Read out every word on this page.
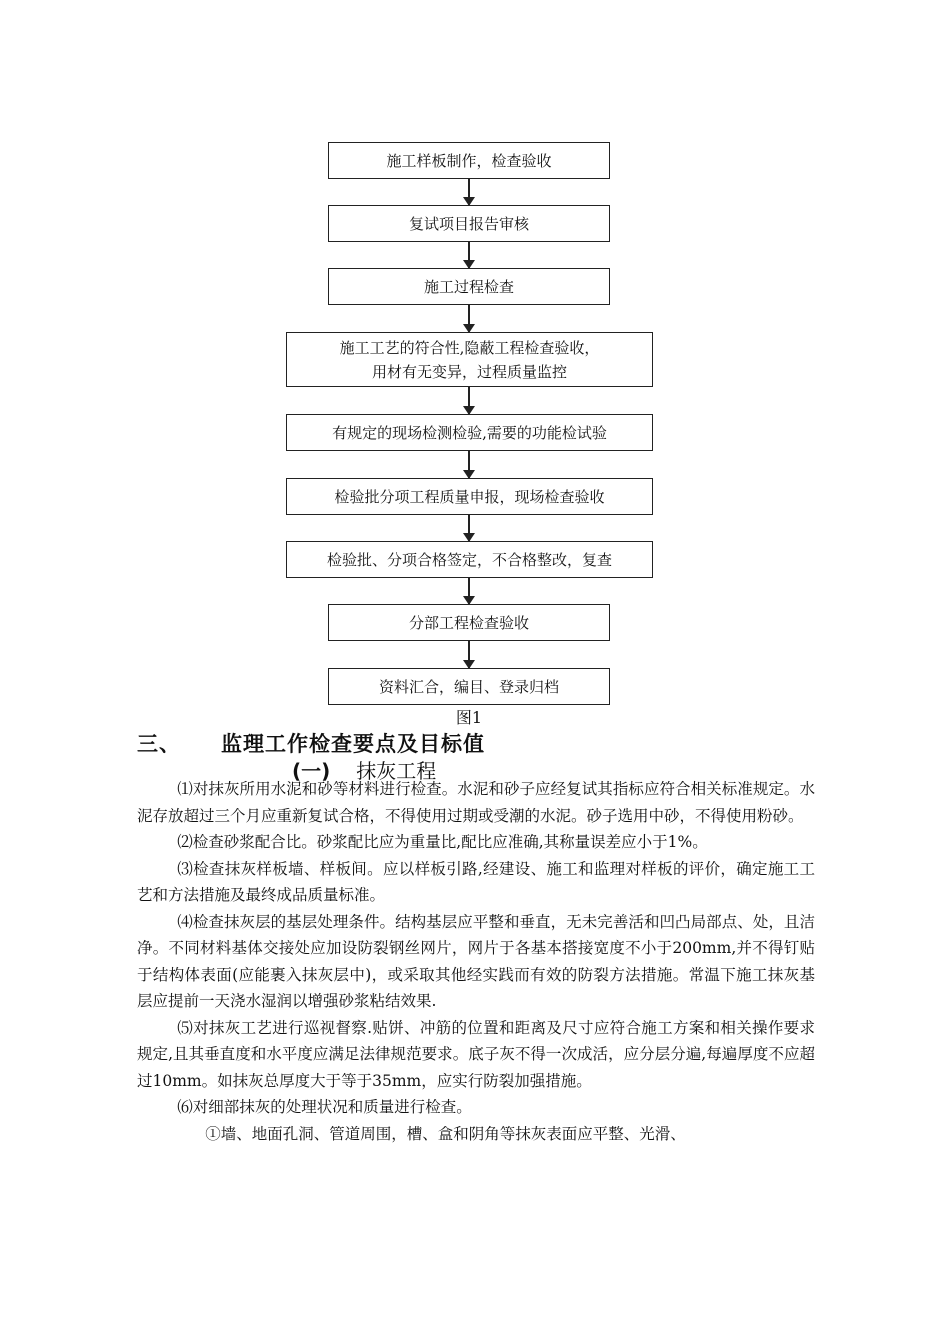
施工样板制作，检查验收
复试项目报告审核
施工过程检查
施工工艺的符合性,隐蔽工程检查验收，
用材有无变异，过程质量监控
有规定的现场检测检验,需要的功能检试验
检验批分项工程质量申报，现场检查验收
检验批、分项合格签定，不合格整改，复查
分部工程检查验收
资料汇合，编目、登录归档
图1
三、 监理工作检查要点及目标值
(一) 抹灰工程

⑴对抹灰所用水泥和砂等材料进行检查。水泥和砂子应经复试其指标应符合相关标准规定。水泥存放超过三个月应重新复试合格，不得使用过期或受潮的水泥。砂子选用中砂，不得使用粉砂。

⑵检查砂浆配合比。砂浆配比应为重量比,配比应准确,其称量误差应小于1%。

⑶检查抹灰样板墙、样板间。应以样板引路,经建设、施工和监理对样板的评价，确定施工工艺和方法措施及最终成品质量标准。

⑷检查抹灰层的基层处理条件。结构基层应平整和垂直，无未完善活和凹凸局部点、处，且洁净。不同材料基体交接处应加设防裂钢丝网片，网片于各基本搭接宽度不小于200mm,并不得钉贴于结构体表面(应能裹入抹灰层中)，或采取其他经实践而有效的防裂方法措施。常温下施工抹灰基层应提前一天浇水湿润以增强砂浆粘结效果.

⑸对抹灰工艺进行巡视督察.贴饼、冲筋的位置和距离及尺寸应符合施工方案和相关操作要求规定,且其垂直度和水平度应满足法律规范要求。底子灰不得一次成活，应分层分遍,每遍厚度不应超过10mm。如抹灰总厚度大于等于35mm，应实行防裂加强措施。

⑹对细部抹灰的处理状况和质量进行检查。

①墙、地面孔洞、管道周围，槽、盒和阴角等抹灰表面应平整、光滑、
